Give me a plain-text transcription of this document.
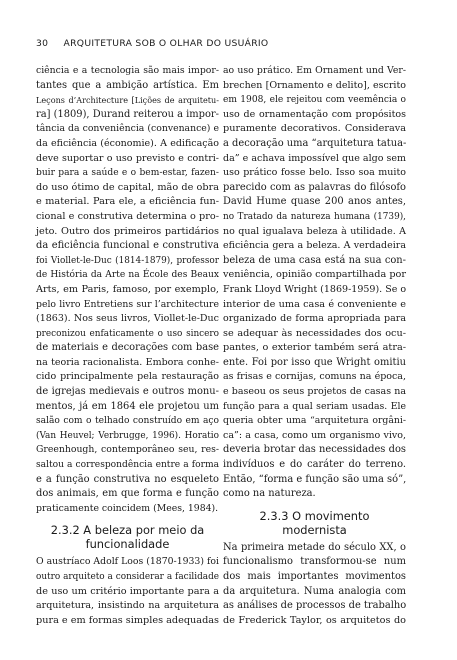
30 ARQUITETURA SOB O OLHAR DO USUÁRIO
ciência e a tecnologia são mais impor-
tantes que a ambição artística. Em
Leçons d’Architecture [Lições de arquitetu-
ra] (1809), Durand reiterou a impor-
tância da conveniência (convenance) e
da eficiência (économie). A edificação
deve suportar o uso previsto e contri-
buir para a saúde e o bem-estar, fazen-
do uso ótimo de capital, mão de obra
e material. Para ele, a eficiência fun-
cional e construtiva determina o pro-
jeto. Outro dos primeiros partidários
da eficiência funcional e construtiva
foi Viollet-le-Duc (1814-1879), professor
de História da Arte na École des Beaux
Arts, em Paris, famoso, por exemplo,
pelo livro Entretiens sur l’architecture
(1863). Nos seus livros, Viollet-le-Duc
preconizou enfaticamente o uso sincero
de materiais e decorações com base
na teoria racionalista. Embora conhe-
cido principalmente pela restauração
de igrejas medievais e outros monu-
mentos, já em 1864 ele projetou um
salão com o telhado construído em aço
(Van Heuvel; Verbrugge, 1996). Horatio
Greenhough, contemporâneo seu, res-
saltou a correspondência entre a forma
e a função construtiva no esqueleto
dos animais, em que forma e função
praticamente coincidem (Mees, 1984).
2.3.2 A beleza por meio da
funcionalidade
O austríaco Adolf Loos (1870-1933) foi
outro arquiteto a considerar a facilidade
de uso um critério importante para a
arquitetura, insistindo na arquitetura
pura e em formas simples adequadas
ao uso prático. Em Ornament und Ver-
brechen [Ornamento e delito], escrito
em 1908, ele rejeitou com veemência o
uso de ornamentação com propósitos
puramente decorativos. Considerava
a decoração uma “arquitetura tatua-
da” e achava impossível que algo sem
uso prático fosse belo. Isso soa muito
parecido com as palavras do filósofo
David Hume quase 200 anos antes,
no Tratado da natureza humana (1739),
no qual igualava beleza à utilidade. A
eficiência gera a beleza. A verdadeira
beleza de uma casa está na sua con-
veniência, opinião compartilhada por
Frank Lloyd Wright (1869-1959). Se o
interior de uma casa é conveniente e
organizado de forma apropriada para
se adequar às necessidades dos ocu-
pantes, o exterior também será atra-
ente. Foi por isso que Wright omitiu
as frisas e cornijas, comuns na época,
e baseou os seus projetos de casas na
função para a qual seriam usadas. Ele
queria obter uma “arquitetura orgâni-
ca”: a casa, como um organismo vivo,
deveria brotar das necessidades dos
indivíduos e do caráter do terreno.
Então, “forma e função são uma só”,
como na natureza.
2.3.3 O movimento
modernista
Na primeira metade do século XX, o
funcionalismo transformou-se num
dos mais importantes movimentos
da arquitetura. Numa analogia com
as análises de processos de trabalho
de Frederick Taylor, os arquitetos do
